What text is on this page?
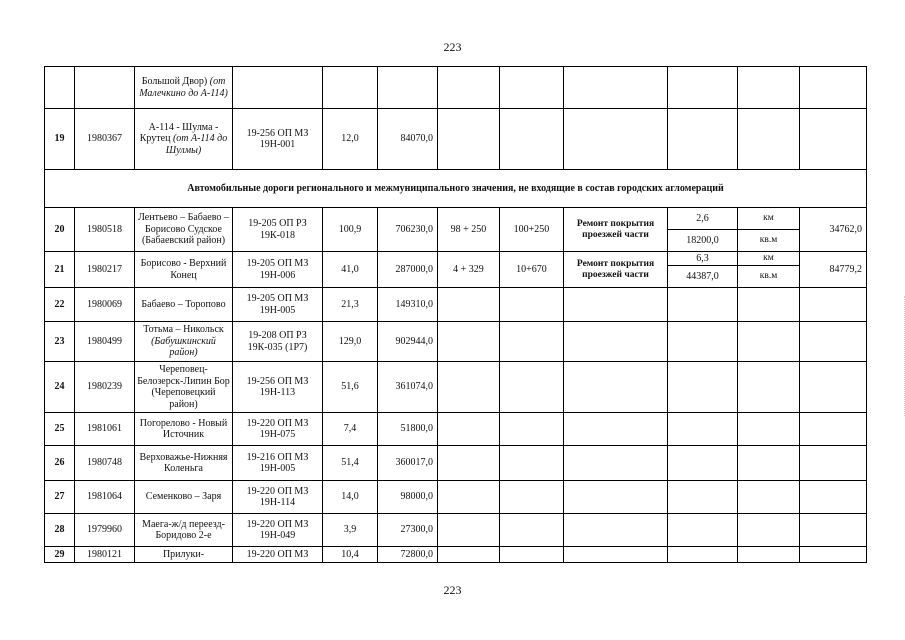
223
		Большой Двор) (от Малечкино до А-114)									
19	1980367	А-114 - Шулма - Крутец (от А-114 до Шулмы)	19-256 ОП МЗ 19Н-001	12,0	84070,0						
Автомобильные дороги регионального и межмуниципального значения, не входящие в состав городских агломераций											
20	1980518	Лентьево – Бабаево – Борисово Судское (Бабаевский район)	19-205 ОП РЗ 19К-018	100,9	706230,0	98 + 250	100+250	Ремонт покрытия проезжей части	2,6	км	34762,0
									18200,0	кв.м	
21	1980217	Борисово - Верхний Конец	19-205 ОП МЗ 19Н-006	41,0	287000,0	4 + 329	10+670	Ремонт покрытия проезжей части	6,3	км	84779,2
									44387,0	кв.м	
22	1980069	Бабаево – Торопово	19-205 ОП МЗ 19Н-005	21,3	149310,0						
23	1980499	Тотьма – Никольск (Бабушкинский район)	19-208 ОП РЗ 19К-035 (1Р7)	129,0	902944,0						
24	1980239	Череповец-Белозерск-Липин Бор (Череповецкий район)	19-256 ОП МЗ 19Н-113	51,6	361074,0						
25	1981061	Погорелово - Новый Источник	19-220 ОП МЗ 19Н-075	7,4	51800,0						
26	1980748	Верховажье-Нижняя Коленьга	19-216 ОП МЗ 19Н-005	51,4	360017,0						
27	1981064	Семенково – Заря	19-220 ОП МЗ 19Н-114	14,0	98000,0						
28	1979960	Маега-ж/д переезд-Боридово 2-е	19-220 ОП МЗ 19Н-049	3,9	27300,0						
29	1980121	Прилуки-	19-220 ОП МЗ	10,4	72800,0						
223
